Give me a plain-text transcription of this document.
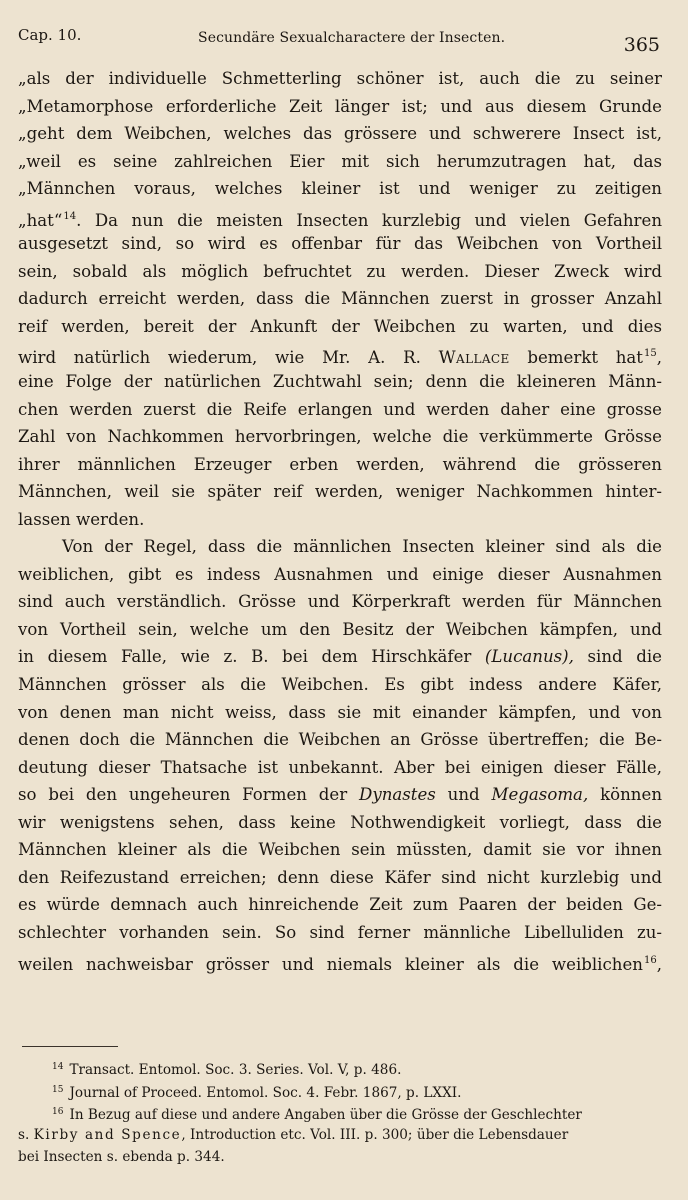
Cap. 10.	Secundäre Sexualcharactere der Insecten.	365
„als der individuelle Schmetterling schöner ist, auch die zu seiner
„Metamorphose erforderliche Zeit länger ist; und aus diesem Grunde
„geht dem Weibchen, welches das grössere und schwerere Insect ist,
„weil es seine zahlreichen Eier mit sich herumzutragen hat, das
„Männchen voraus, welches kleiner ist und weniger zu zeitigen
„hat“$^{14}$. Da nun die meisten Insecten kurzlebig und vielen Gefahren
ausgesetzt sind, so wird es offenbar für das Weibchen von Vortheil
sein, sobald als möglich befruchtet zu werden. Dieser Zweck wird
dadurch erreicht werden, dass die Männchen zuerst in grosser Anzahl
reif werden, bereit der Ankunft der Weibchen zu warten, und dies
wird natürlich wiederum, wie Mr. A. R. Wallace bemerkt hat$^{15}$,
eine Folge der natürlichen Zuchtwahl sein; denn die kleineren Männ-
chen werden zuerst die Reife erlangen und werden daher eine grosse
Zahl von Nachkommen hervorbringen, welche die verkümmerte Grösse
ihrer männlichen Erzeuger erben werden, während die grösseren
Männchen, weil sie später reif werden, weniger Nachkommen hinter-
lassen werden.
Von der Regel, dass die männlichen Insecten kleiner sind als die
weiblichen, gibt es indess Ausnahmen und einige dieser Ausnahmen
sind auch verständlich. Grösse und Körperkraft werden für Männchen
von Vortheil sein, welche um den Besitz der Weibchen kämpfen, und
in diesem Falle, wie z. B. bei dem Hirschkäfer (Lucanus), sind die
Männchen grösser als die Weibchen. Es gibt indess andere Käfer,
von denen man nicht weiss, dass sie mit einander kämpfen, und von
denen doch die Männchen die Weibchen an Grösse übertreffen; die Be-
deutung dieser Thatsache ist unbekannt. Aber bei einigen dieser Fälle,
so bei den ungeheuren Formen der Dynastes und Megasoma, können
wir wenigstens sehen, dass keine Nothwendigkeit vorliegt, dass die
Männchen kleiner als die Weibchen sein müssten, damit sie vor ihnen
den Reifezustand erreichen; denn diese Käfer sind nicht kurzlebig und
es würde demnach auch hinreichende Zeit zum Paaren der beiden Ge-
schlechter vorhanden sein. So sind ferner männliche Libelluliden zu-
weilen nachweisbar grösser und niemals kleiner als die weiblichen$^{16}$,
$^{14}$ Transact. Entomol. Soc. 3. Series. Vol. V, p. 486.
$^{15}$ Journal of Proceed. Entomol. Soc. 4. Febr. 1867, p. LXXI.
$^{16}$ In Bezug auf diese und andere Angaben über die Grösse der Geschlechter
s. Kirby and Spence, Introduction etc. Vol. III. p. 300; über die Lebensdauer
bei Insecten s. ebenda p. 344.
